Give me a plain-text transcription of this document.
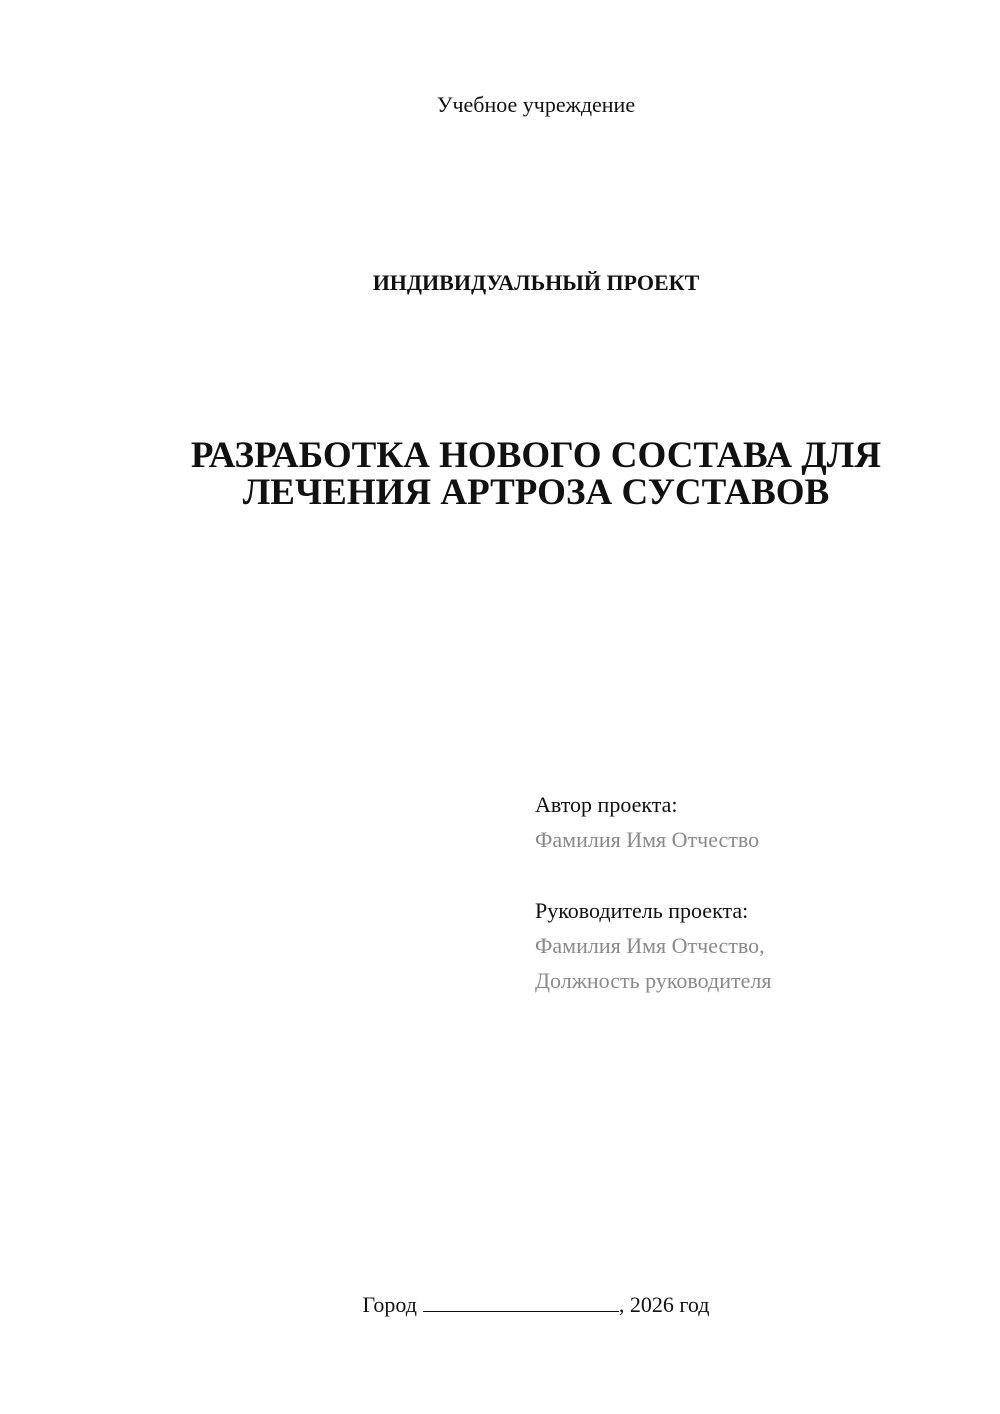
Учебное учреждение
ИНДИВИДУАЛЬНЫЙ ПРОЕКТ
РАЗРАБОТКА НОВОГО СОСТАВА ДЛЯ
ЛЕЧЕНИЯ АРТРОЗА СУСТАВОВ
Автор проекта:
Фамилия Имя Отчество
Руководитель проекта:
Фамилия Имя Отчество,
Должность руководителя
Город	, 2026 год
